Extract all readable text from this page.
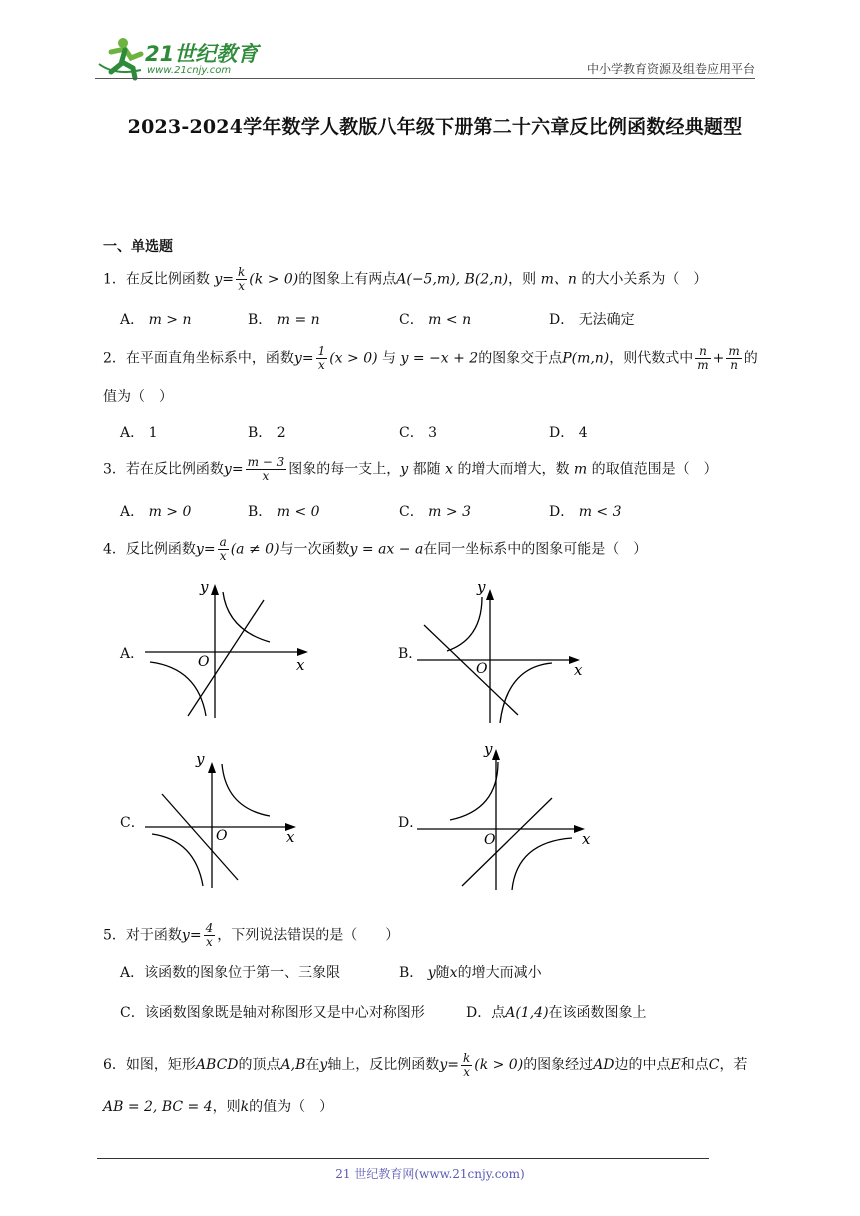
21世纪教育
www.21cnjy.com	中小学教育资源及组卷应用平台
2023-2024学年数学人教版八年级下册第二十六章反比例函数经典题型
一、单选题
1．在反比例函数 $y= \frac{k}{x} (k > 0)$的图象上有两点A(−5,m), B(2,n)，则 m、n 的大小关系为（　）
A． m > n	B． m = n	C． m < n	D． 无法确定
2．在平面直角坐标系中，函数$y= \frac{1}{x} (x > 0)$ 与 y = −x + 2的图象交于点P(m,n)，则代数式中 $\frac{n}{m} + \frac{m}{n}$ 的
值为（　）
A． 1	B． 2	C． 3	D． 4
3．若在反比例函数$y= \frac{m - 3}{x}$ 图象的每一支上，y 都随 x 的增大而增大，数 m 的取值范围是（　）
A． m > 0	B． m < 0	C． m > 3	D． m < 3
4．反比例函数$y= \frac{a}{x} (a \ne 0)$与一次函数y = ax − a在同一坐标系中的图象可能是（　）
A．
y
O	x
B．
y
O	x
C．
y
O	x
D．
y
O	x
5．对于函数$y= \frac{4}{x}$ ，下列说法错误的是（　　）
A．该函数的图象位于第一、三象限	B． y随x的增大而减小
C．该函数图象既是轴对称图形又是中心对称图形	D．点A(1,4)在该函数图象上
6．如图，矩形ABCD的顶点A,B在y轴上，反比例函数$y= \frac{k}{x} (k > 0)$的图象经过AD边的中点E和点C，若AB = 2, BC = 4，则k的值为（　）
21 世纪教育网(www.21cnjy.com)
